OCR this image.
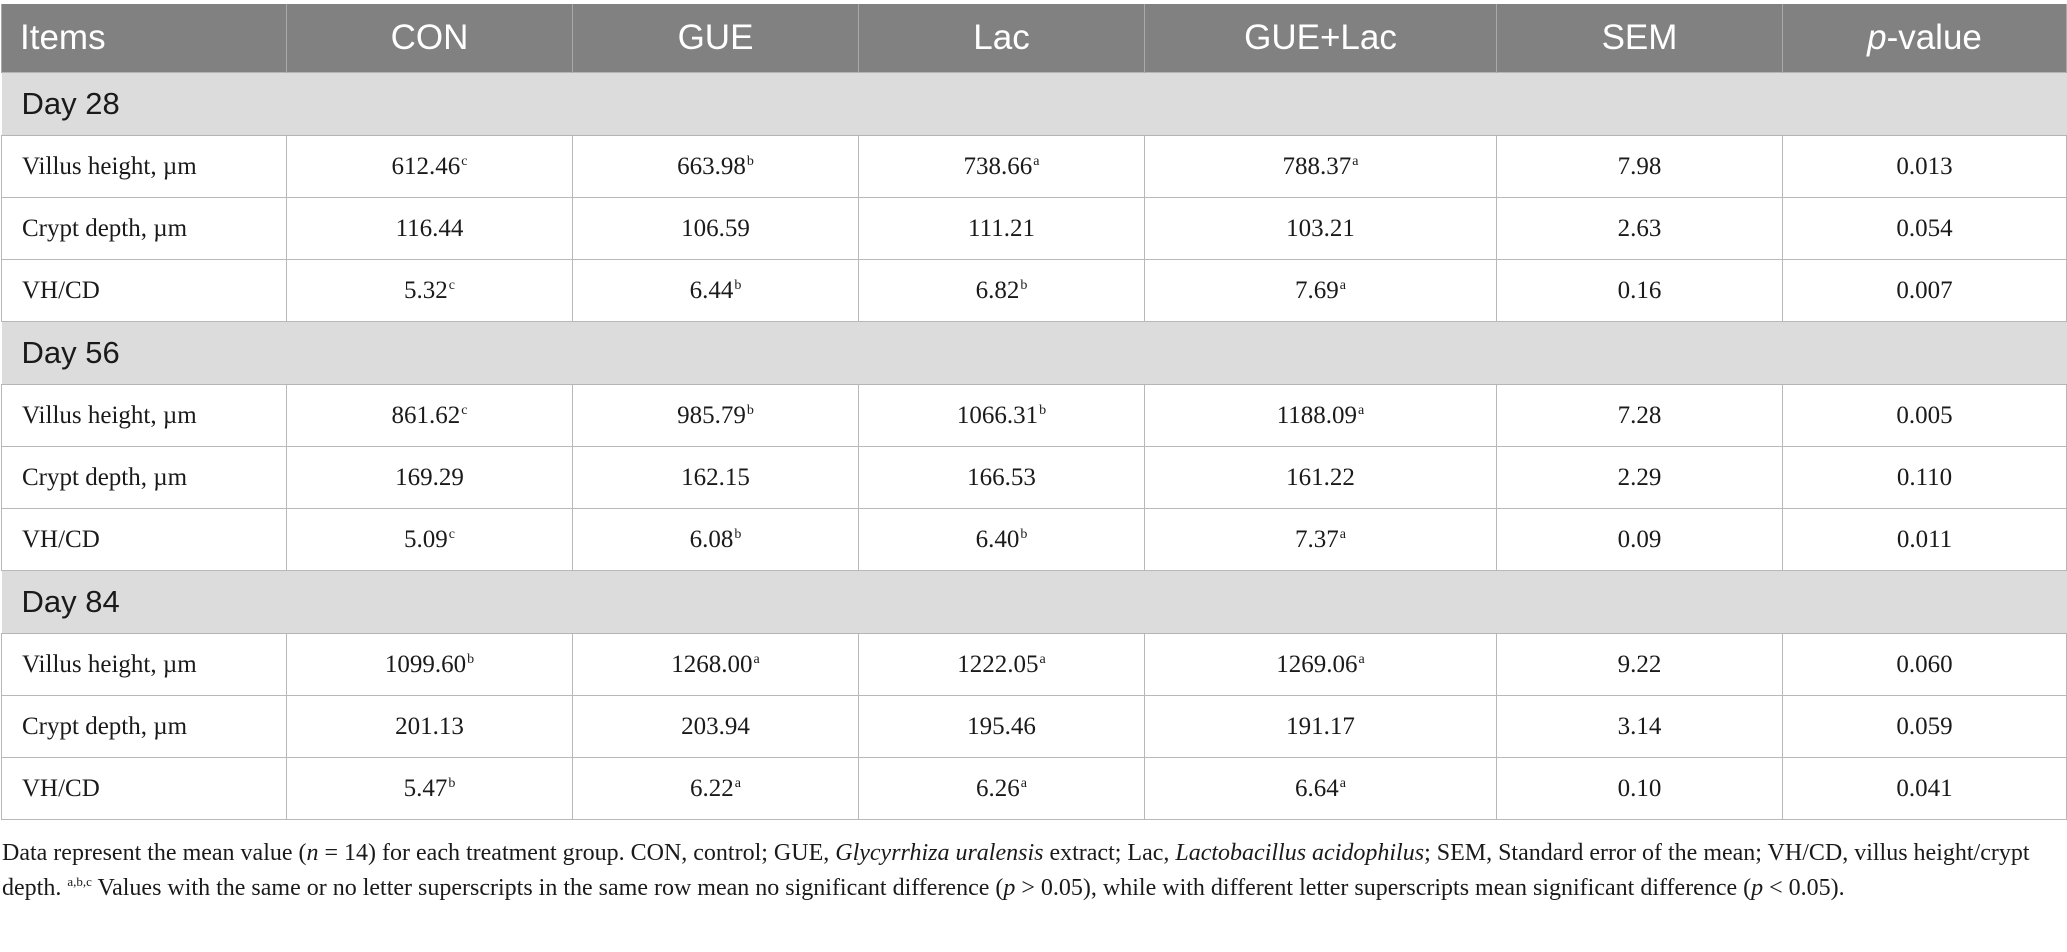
Items	CON	GUE	Lac	GUE+Lac	SEM	p-value
Day 28						
Villus height, µm	612.46$^c$	663.98$^b$	738.66$^a$	788.37$^a$	7.98	0.013
Crypt depth, µm	116.44	106.59	111.21	103.21	2.63	0.054
VH/CD	5.32$^c$	6.44$^b$	6.82$^b$	7.69$^a$	0.16	0.007
Day 56						
Villus height, µm	861.62$^c$	985.79$^b$	1066.31$^b$	1188.09$^a$	7.28	0.005
Crypt depth, µm	169.29	162.15	166.53	161.22	2.29	0.110
VH/CD	5.09$^c$	6.08$^b$	6.40$^b$	7.37$^a$	0.09	0.011
Day 84						
Villus height, µm	1099.60$^b$	1268.00$^a$	1222.05$^a$	1269.06$^a$	9.22	0.060
Crypt depth, µm	201.13	203.94	195.46	191.17	3.14	0.059
VH/CD	5.47$^b$	6.22$^a$	6.26$^a$	6.64$^a$	0.10	0.041
Data represent the mean value (n = 14) for each treatment group. CON, control; GUE, Glycyrrhiza uralensis extract; Lac, Lactobacillus acidophilus; SEM, Standard error of the mean; VH/CD, villus height/crypt depth. $^{a,b,c}$ Values with the same or no letter superscripts in the same row mean no significant difference (p > 0.05), while with different letter superscripts mean significant difference (p < 0.05).
